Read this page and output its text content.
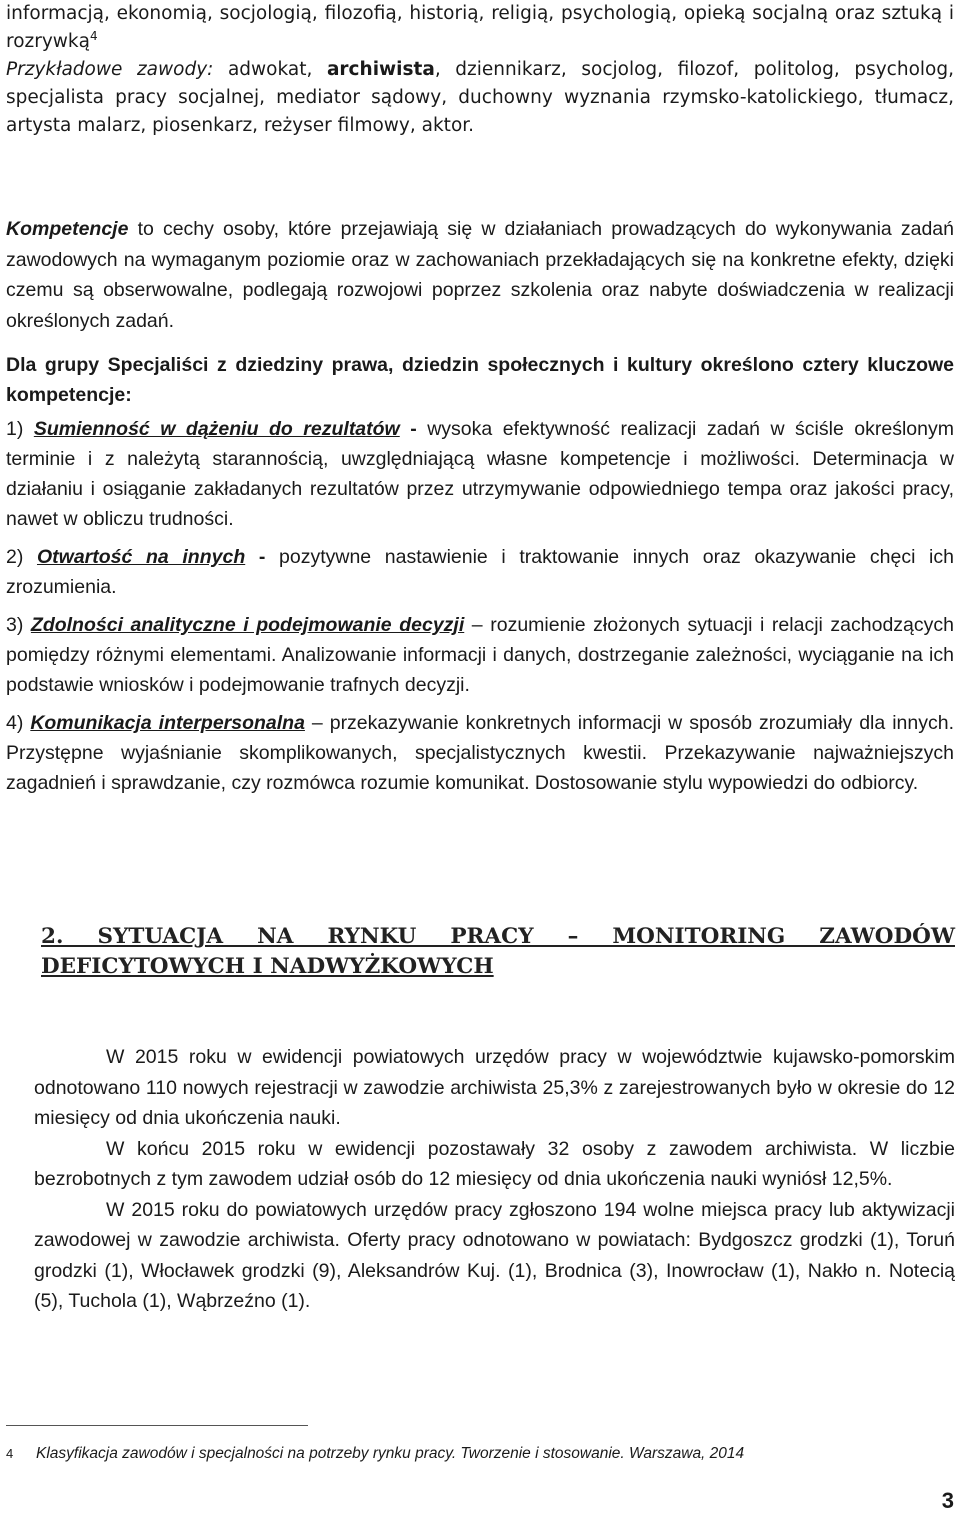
informacją, ekonomią, socjologią, filozofią, historią, religią, psychologią, opieką socjalną oraz sztuką i rozrywką$^4$
Przykładowe zawody: adwokat, archiwista, dziennikarz, socjolog, filozof, politolog, psycholog, specjalista pracy socjalnej, mediator sądowy, duchowny wyznania rzymsko-katolickiego, tłumacz, artysta malarz, piosenkarz, reżyser filmowy, aktor.

Kompetencje to cechy osoby, które przejawiają się w działaniach prowadzących do wykonywania zadań zawodowych na wymaganym poziomie oraz w zachowaniach przekładających się na konkretne efekty, dzięki czemu są obserwowalne, podlegają rozwojowi poprzez szkolenia oraz nabyte doświadczenia w realizacji określonych zadań.

Dla grupy Specjaliści z dziedziny prawa, dziedzin społecznych i kultury określono cztery kluczowe kompetencje:

1) Sumienność w dążeniu do rezultatów - wysoka efektywność realizacji zadań w ściśle określonym terminie i z należytą starannością, uwzględniającą własne kompetencje i możliwości. Determinacja w działaniu i osiąganie zakładanych rezultatów przez utrzymywanie odpowiedniego tempa oraz jakości pracy, nawet w obliczu trudności.

2) Otwartość na innych - pozytywne nastawienie i traktowanie innych oraz okazywanie chęci ich zrozumienia.

3) Zdolności analityczne i podejmowanie decyzji – rozumienie złożonych sytuacji i relacji zachodzących pomiędzy różnymi elementami. Analizowanie informacji i danych, dostrzeganie zależności, wyciąganie na ich podstawie wniosków i podejmowanie trafnych decyzji.

4) Komunikacja interpersonalna – przekazywanie konkretnych informacji w sposób zrozumiały dla innych. Przystępne wyjaśnianie skomplikowanych, specjalistycznych kwestii. Przekazywanie najważniejszych zagadnień i sprawdzanie, czy rozmówca rozumie komunikat. Dostosowanie stylu wypowiedzi do odbiorcy.

2. SYTUACJA NA RYNKU PRACY – MONITORING ZAWODÓW DEFICYTOWYCH I NADWYŻKOWYCH

W 2015 roku w ewidencji powiatowych urzędów pracy w województwie kujawsko-pomorskim odnotowano 110 nowych rejestracji w zawodzie archiwista 25,3% z zarejestrowanych było w okresie do 12 miesięcy od dnia ukończenia nauki.

W końcu 2015 roku w ewidencji pozostawały 32 osoby z zawodem archiwista. W liczbie bezrobotnych z tym zawodem udział osób do 12 miesięcy od dnia ukończenia nauki wyniósł 12,5%.

W 2015 roku do powiatowych urzędów pracy zgłoszono 194 wolne miejsca pracy lub aktywizacji zawodowej w zawodzie archiwista. Oferty pracy odnotowano w powiatach: Bydgoszcz grodzki (1), Toruń grodzki (1), Włocławek grodzki (9), Aleksandrów Kuj. (1), Brodnica (3), Inowrocław (1), Nakło n. Notecią (5), Tuchola (1), Wąbrzeźno (1).

4 Klasyfikacja zawodów i specjalności na potrzeby rynku pracy. Tworzenie i stosowanie. Warszawa, 2014
3
